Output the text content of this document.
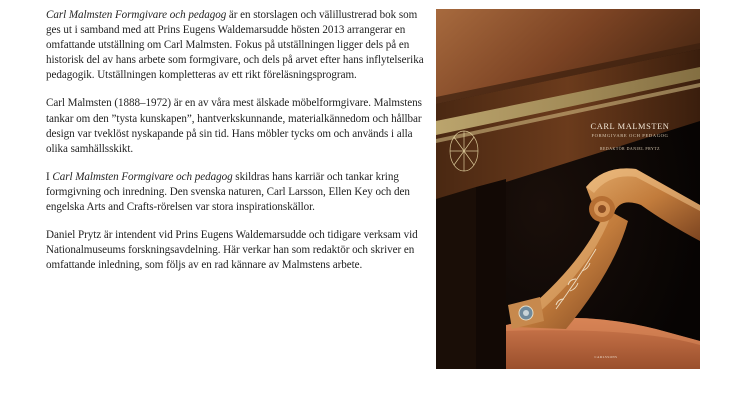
Carl Malmsten Formgivare och pedagog är en storslagen och välillustrerad bok som ges ut i samband med att Prins Eugens Waldemarsudde hösten 2013 arrangerar en omfattande utställning om Carl Malmsten. Fokus på utställningen ligger dels på en historisk del av hans arbete som formgivare, och dels på arvet efter hans inflytelserika pedagogik. Utställningen kompletteras av ett rikt föreläsningsprogram.

Carl Malmsten (1888–1972) är en av våra mest älskade möbelformgivare. Malmstens tankar om den ”tysta kunskapen”, hantverkskunnande, materialkännedom och hållbar design var tveklöst nyskapande på sin tid. Hans möbler tycks om och används i alla olika samhällsskikt.

I Carl Malmsten Formgivare och pedagog skildras hans karriär och tankar kring formgivning och inredning. Den svenska naturen, Carl Larsson, Ellen Key och den engelska Arts and Crafts-rörelsen var stora inspirationskällor.

Daniel Prytz är intendent vid Prins Eugens Waldemarsudde och tidigare verksam vid Nationalmuseums forskningsavdelning. Här verkar han som redaktör och skriver en omfattande inledning, som följs av en rad kännare av Malmstens arbete.

CARL MALMSTEN
FORMGIVARE OCH PEDAGOG
REDAKTÖR DANIEL PRYTZ
CARLSSONS
